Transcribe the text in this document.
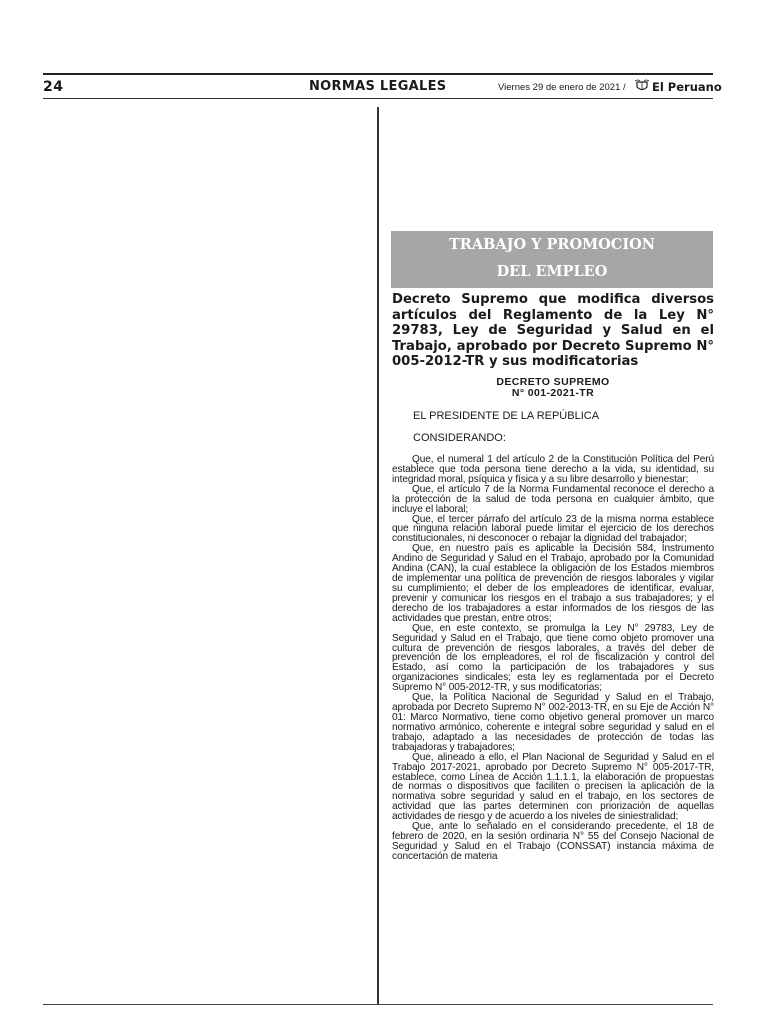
24	NORMAS LEGALES	Viernes 29 de enero de 2021 / El Peruano
TRABAJO Y PROMOCION
DEL EMPLEO
Decreto Supremo que modifica diversos artículos del Reglamento de la Ley N° 29783, Ley de Seguridad y Salud en el Trabajo, aprobado por Decreto Supremo N° 005-2012-TR y sus modificatorias
DECRETO SUPREMO
N° 001-2021-TR
EL PRESIDENTE DE LA REPÚBLICA
CONSIDERANDO:

Que, el numeral 1 del artículo 2 de la Constitución Política del Perú establece que toda persona tiene derecho a la vida, su identidad, su integridad moral, psíquica y física y a su libre desarrollo y bienestar;

Que, el artículo 7 de la Norma Fundamental reconoce el derecho a la protección de la salud de toda persona en cualquier ámbito, que incluye el laboral;

Que, el tercer párrafo del artículo 23 de la misma norma establece que ninguna relación laboral puede limitar el ejercicio de los derechos constitucionales, ni desconocer o rebajar la dignidad del trabajador;

Que, en nuestro país es aplicable la Decisión 584, Instrumento Andino de Seguridad y Salud en el Trabajo, aprobado por la Comunidad Andina (CAN), la cual establece la obligación de los Estados miembros de implementar una política de prevención de riesgos laborales y vigilar su cumplimiento; el deber de los empleadores de identificar, evaluar, prevenir y comunicar los riesgos en el trabajo a sus trabajadores; y el derecho de los trabajadores a estar informados de los riesgos de las actividades que prestan, entre otros;

Que, en este contexto, se promulga la Ley N° 29783, Ley de Seguridad y Salud en el Trabajo, que tiene como objeto promover una cultura de prevención de riesgos laborales, a través del deber de prevención de los empleadores, el rol de fiscalización y control del Estado, así como la participación de los trabajadores y sus organizaciones sindicales; esta ley es reglamentada por el Decreto Supremo N° 005-2012-TR, y sus modificatorias;

Que, la Política Nacional de Seguridad y Salud en el Trabajo, aprobada por Decreto Supremo N° 002-2013-TR, en su Eje de Acción N° 01: Marco Normativo, tiene como objetivo general promover un marco normativo armónico, coherente e integral sobre seguridad y salud en el trabajo, adaptado a las necesidades de protección de todas las trabajadoras y trabajadores;

Que, alineado a ello, el Plan Nacional de Seguridad y Salud en el Trabajo 2017-2021, aprobado por Decreto Supremo N° 005-2017-TR, establece, como Línea de Acción 1.1.1.1, la elaboración de propuestas de normas o dispositivos que faciliten o precisen la aplicación de la normativa sobre seguridad y salud en el trabajo, en los sectores de actividad que las partes determinen con priorización de aquellas actividades de riesgo y de acuerdo a los niveles de siniestralidad;

Que, ante lo señalado en el considerando precedente, el 18 de febrero de 2020, en la sesión ordinaria N° 55 del Consejo Nacional de Seguridad y Salud en el Trabajo (CONSSAT) instancia máxima de concertación de materia
